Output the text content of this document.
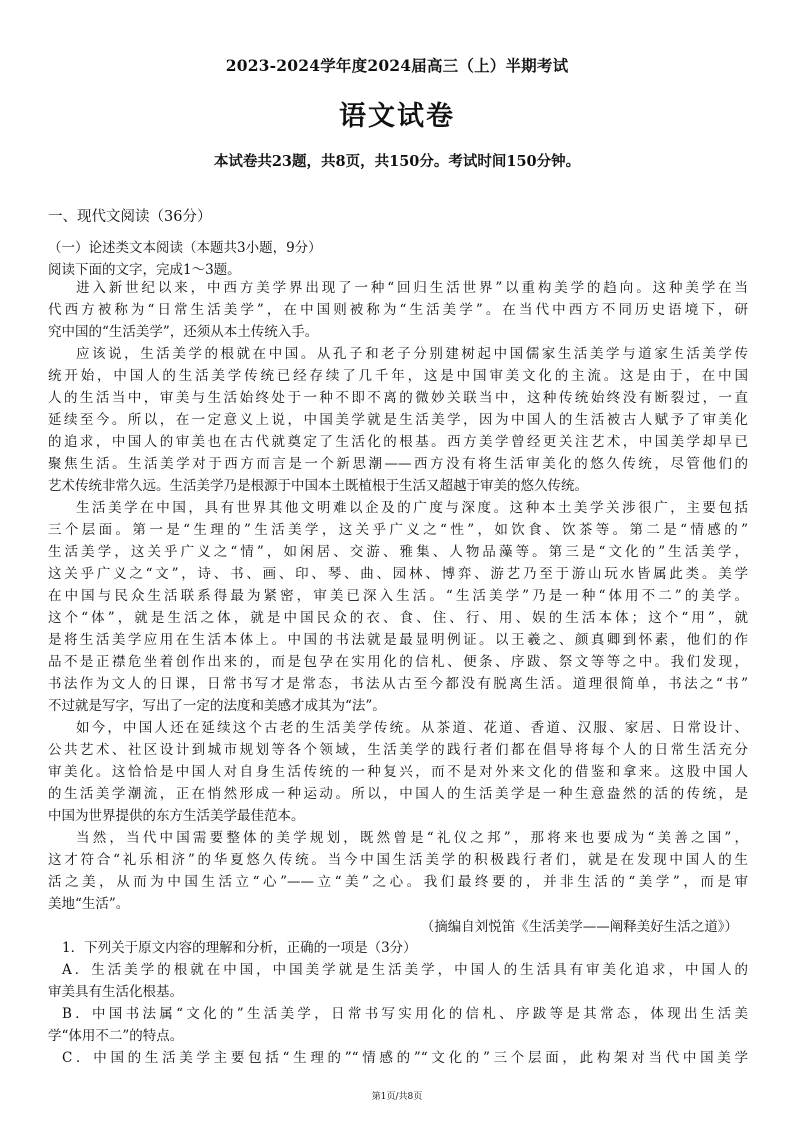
2023-2024学年度2024届高三（上）半期考试
语文试卷
本试卷共23题，共8页，共150分。考试时间150分钟。
一、现代文阅读（36分）
（一）论述类文本阅读（本题共3小题，9分）
阅读下面的文字，完成1～3题。
进入新世纪以来，中西方美学界出现了一种“回归生活世界”以重构美学的趋向。这种美学在当
代西方被称为“日常生活美学”，在中国则被称为“生活美学”。在当代中西方不同历史语境下，研
究中国的“生活美学”，还须从本土传统入手。
应该说，生活美学的根就在中国。从孔子和老子分别建树起中国儒家生活美学与道家生活美学传
统开始，中国人的生活美学传统已经存续了几千年，这是中国审美文化的主流。这是由于，在中国
人的生活当中，审美与生活始终处于一种不即不离的微妙关联当中，这种传统始终没有断裂过，一直
延续至今。所以，在一定意义上说，中国美学就是生活美学，因为中国人的生活被古人赋予了审美化
的追求，中国人的审美也在古代就奠定了生活化的根基。西方美学曾经更关注艺术，中国美学却早已
聚焦生活。生活美学对于西方而言是一个新思潮——西方没有将生活审美化的悠久传统，尽管他们的
艺术传统非常久远。生活美学乃是根源于中国本土既植根于生活又超越于审美的悠久传统。
生活美学在中国，具有世界其他文明难以企及的广度与深度。这种本土美学关涉很广，主要包括
三个层面。第一是“生理的”生活美学，这关乎广义之“性”，如饮食、饮茶等。第二是“情感的”
生活美学，这关乎广义之“情”，如闲居、交游、雅集、人物品藻等。第三是“文化的”生活美学，
这关乎广义之“文”，诗、书、画、印、琴、曲、园林、博弈、游艺乃至于游山玩水皆属此类。美学
在中国与民众生活联系得最为紧密，审美已深入生活。“生活美学”乃是一种“体用不二”的美学。
这个“体”，就是生活之体，就是中国民众的衣、食、住、行、用、娱的生活本体；这个“用”，就
是将生活美学应用在生活本体上。中国的书法就是最显明例证。以王羲之、颜真卿到怀素，他们的作
品不是正襟危坐着创作出来的，而是包孕在实用化的信札、便条、序跋、祭文等等之中。我们发现，
书法作为文人的日课，日常书写才是常态，书法从古至今都没有脱离生活。道理很简单，书法之“书”
不过就是写字，写出了一定的法度和美感才成其为“法”。
如今，中国人还在延续这个古老的生活美学传统。从茶道、花道、香道、汉服、家居、日常设计、
公共艺术、社区设计到城市规划等各个领域，生活美学的践行者们都在倡导将每个人的日常生活充分
审美化。这恰恰是中国人对自身生活传统的一种复兴，而不是对外来文化的借鉴和拿来。这股中国人
的生活美学潮流，正在悄然形成一种运动。所以，中国人的生活美学是一种生意盎然的活的传统，是
中国为世界提供的东方生活美学最佳范本。
当然，当代中国需要整体的美学规划，既然曾是“礼仪之邦”，那将来也要成为“美善之国”，
这才符合“礼乐相济”的华夏悠久传统。当今中国生活美学的积极践行者们，就是在发现中国人的生
活之美，从而为中国生活立“心”——立“美”之心。我们最终要的，并非生活的“美学”，而是审
美地“生活”。
（摘编自刘悦笛《生活美学——阐释美好生活之道》）
1．下列关于原文内容的理解和分析，正确的一项是（3分）
A．生活美学的根就在中国，中国美学就是生活美学，中国人的生活具有审美化追求，中国人的
审美具有生活化根基。
B．中国书法属“文化的”生活美学，日常书写实用化的信札、序跋等是其常态，体现出生活美
学“体用不二”的特点。
C．中国的生活美学主要包括“生理的”“情感的”“文化的”三个层面，此构架对当代中国美学
第1页/共8页
